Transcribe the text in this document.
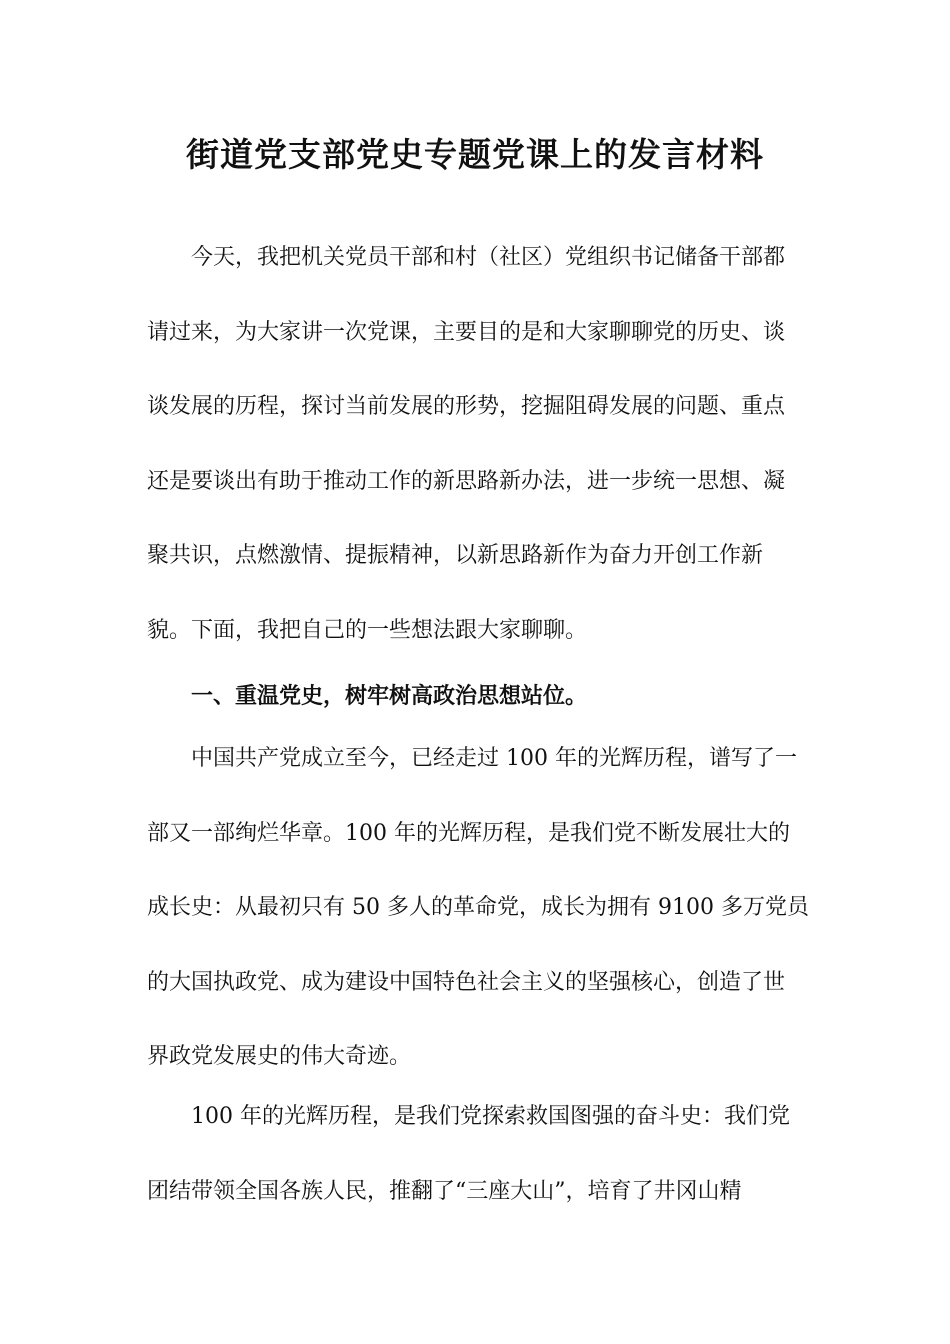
街道党支部党史专题党课上的发言材料
今天，我把机关党员干部和村（社区）党组织书记储备干部都
请过来，为大家讲一次党课，主要目的是和大家聊聊党的历史、谈
谈发展的历程，探讨当前发展的形势，挖掘阻碍发展的问题、重点
还是要谈出有助于推动工作的新思路新办法，进一步统一思想、凝
聚共识，点燃激情、提振精神，以新思路新作为奋力开创工作新
貌。下面，我把自己的一些想法跟大家聊聊。
一、重温党史，树牢树高政治思想站位。
中国共产党成立至今，已经走过 100 年的光辉历程，谱写了一
部又一部绚烂华章。100 年的光辉历程，是我们党不断发展壮大的
成长史：从最初只有 50 多人的革命党，成长为拥有 9100 多万党员
的大国执政党、成为建设中国特色社会主义的坚强核心，创造了世
界政党发展史的伟大奇迹。
100 年的光辉历程，是我们党探索救国图强的奋斗史：我们党
团结带领全国各族人民，推翻了“三座大山”，培育了井冈山精
